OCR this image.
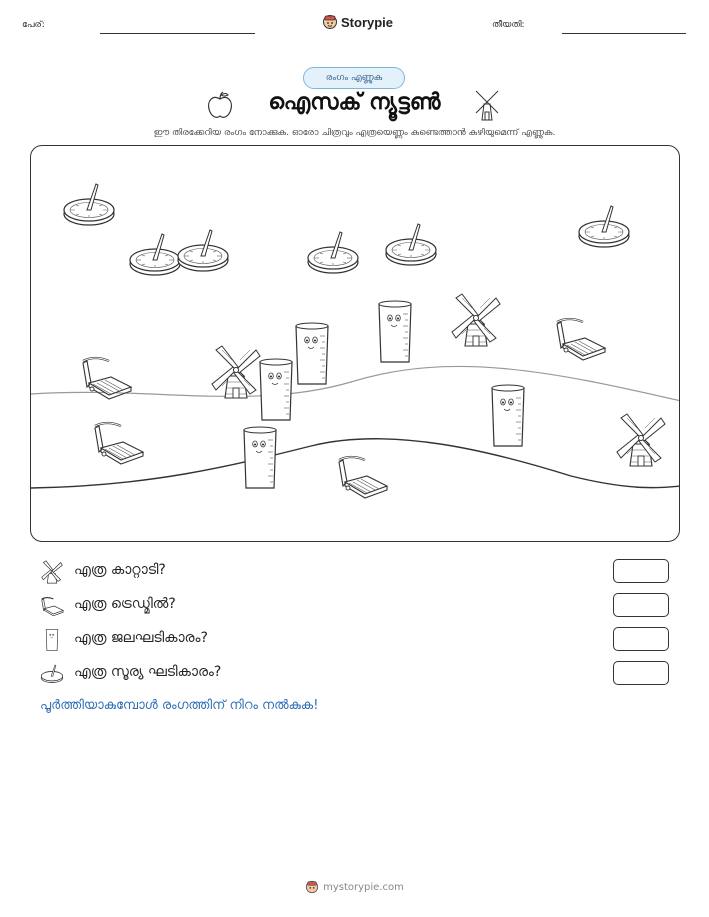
പേര്:	Storypie	തീയതി:
രംഗം എണ്ണുക
ഐസക് ന്യൂട്ടൺ
ഈ തിരക്കേറിയ രംഗം നോക്കുക. ഓരോ ചിത്രവും എത്രയെണ്ണം കണ്ടെത്താൻ കഴിയുമെന്ന് എണ്ണുക.
എത്ര കാറ്റാടി?
എത്ര ട്രെഡ്മിൽ?
എത്ര ജലഘടികാരം?
എത്ര സൂര്യ ഘടികാരം?
പൂർത്തിയാകുമ്പോൾ രംഗത്തിന് നിറം നൽകുക!
mystorypie.com
